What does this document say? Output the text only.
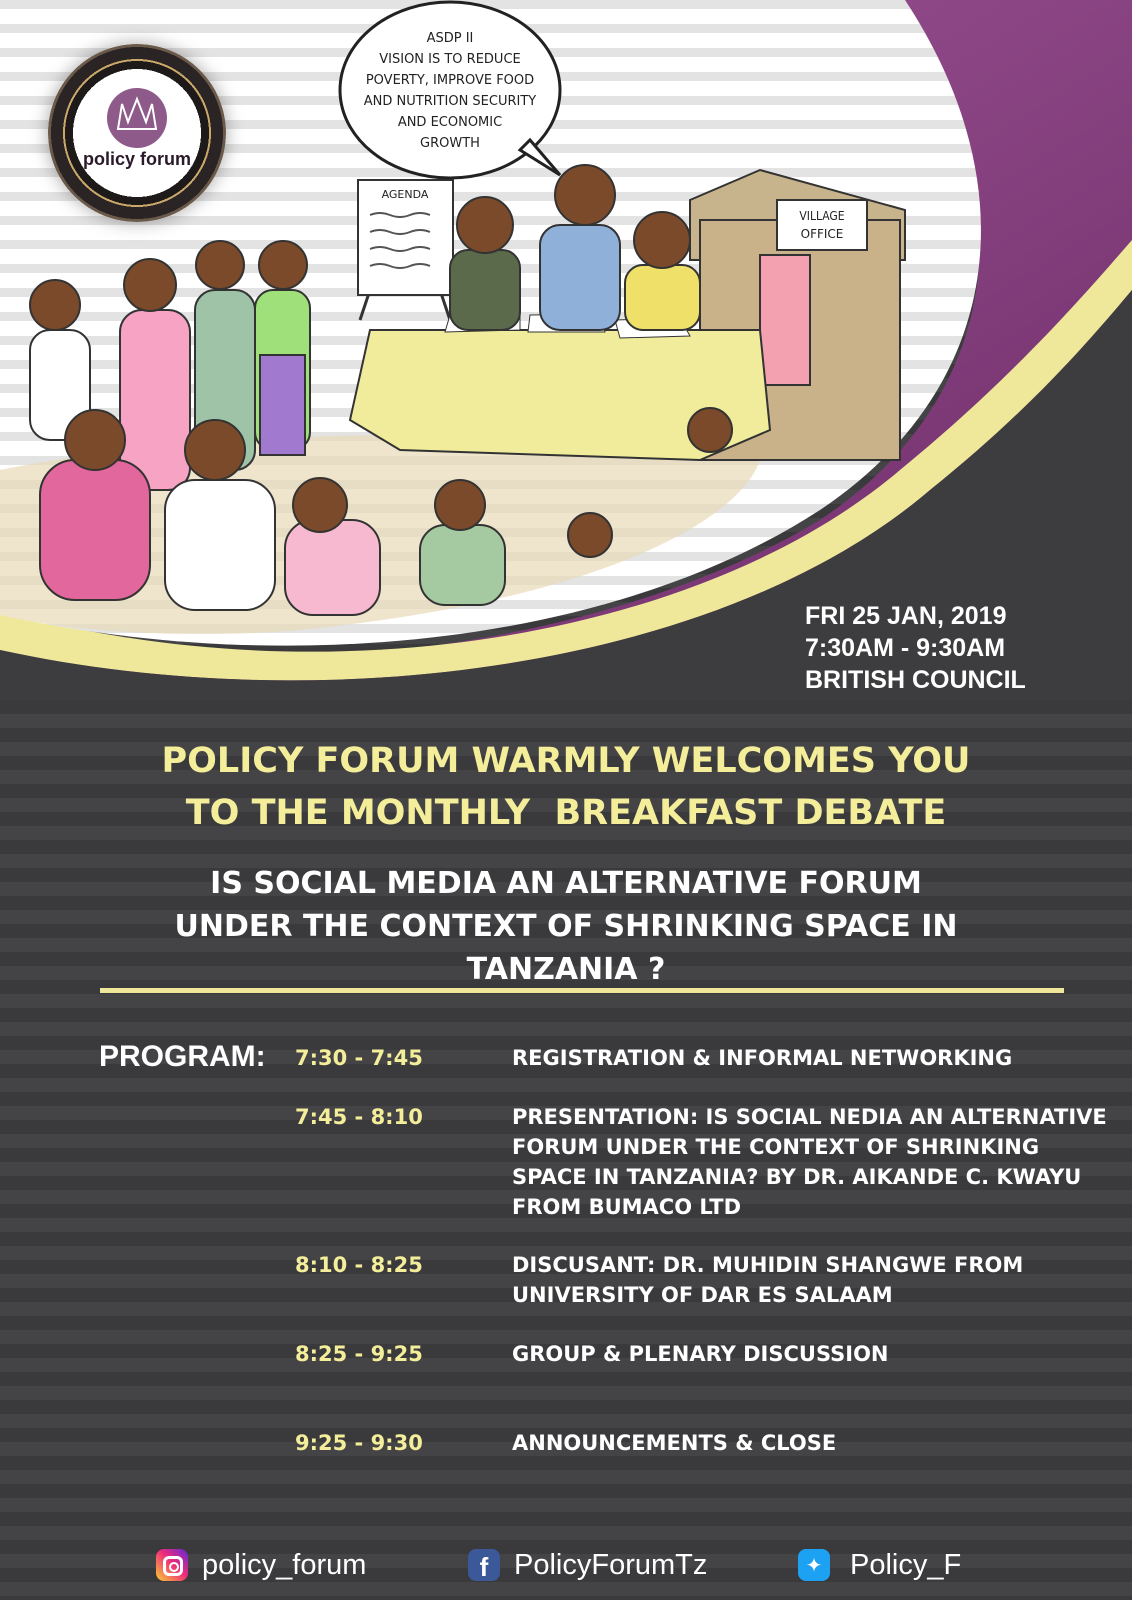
VILLAGE
OFFICE
AGENDA
ASDP II
VISION IS TO REDUCE
POVERTY, IMPROVE FOOD
AND NUTRITION SECURITY
AND ECONOMIC
GROWTH
policy forum
FRI 25 JAN, 2019
7:30AM - 9:30AM
BRITISH COUNCIL
POLICY FORUM WARMLY WELCOMES YOU
TO THE MONTHLY  BREAKFAST DEBATE
IS SOCIAL MEDIA AN ALTERNATIVE FORUM
UNDER THE CONTEXT OF SHRINKING SPACE IN
TANZANIA ?
PROGRAM: 7:30 - 7:45	REGISTRATION & INFORMAL NETWORKING
7:45 - 8:10	PRESENTATION: IS SOCIAL NEDIA AN ALTERNATIVE FORUM UNDER THE CONTEXT OF SHRINKING SPACE IN TANZANIA? BY DR. AIKANDE C. KWAYU FROM BUMACO LTD
8:10 - 8:25	DISCUSANT: DR. MUHIDIN SHANGWE FROM UNIVERSITY OF DAR ES SALAAM
8:25 - 9:25	GROUP & PLENARY DISCUSSION
9:25 - 9:30	ANNOUNCEMENTS & CLOSE
policy_forum	f PolicyForumTz	✦ Policy_F
